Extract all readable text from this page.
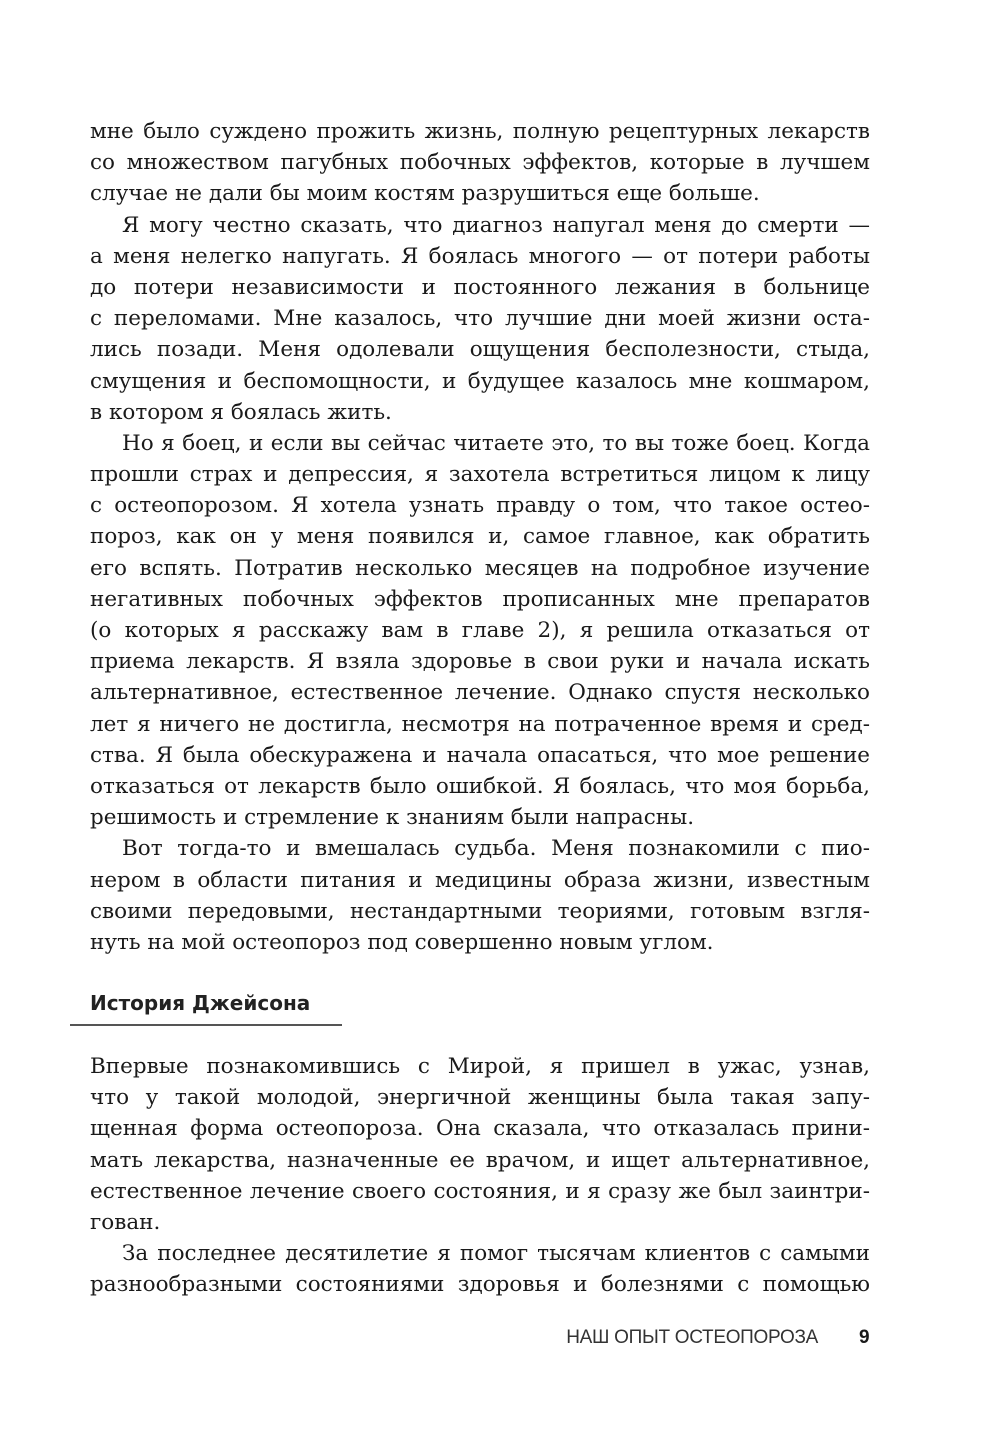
мне было суждено прожить жизнь, полную рецептурных лекарств
со множеством пагубных побочных эффектов, которые в лучшем
случае не дали бы моим костям разрушиться еще больше.

Я могу честно сказать, что диагноз напугал меня до смерти —
а меня нелегко напугать. Я боялась многого — от потери работы
до потери независимости и постоянного лежания в больнице
с переломами. Мне казалось, что лучшие дни моей жизни оста-
лись позади. Меня одолевали ощущения бесполезности, стыда,
смущения и беспомощности, и будущее казалось мне кошмаром,
в котором я боялась жить.

Но я боец, и если вы сейчас читаете это, то вы тоже боец. Когда
прошли страх и депрессия, я захотела встретиться лицом к лицу
с остеопорозом. Я хотела узнать правду о том, что такое остео-
пороз, как он у меня появился и, самое главное, как обратить
его вспять. Потратив несколько месяцев на подробное изучение
негативных побочных эффектов прописанных мне препаратов
(о которых я расскажу вам в главе 2), я решила отказаться от
приема лекарств. Я взяла здоровье в свои руки и начала искать
альтернативное, естественное лечение. Однако спустя несколько
лет я ничего не достигла, несмотря на потраченное время и сред-
ства. Я была обескуражена и начала опасаться, что мое решение
отказаться от лекарств было ошибкой. Я боялась, что моя борьба,
решимость и стремление к знаниям были напрасны.

Вот тогда-то и вмешалась судьба. Меня познакомили с пио-
нером в области питания и медицины образа жизни, известным
своими передовыми, нестандартными теориями, готовым взгля-
нуть на мой остеопороз под совершенно новым углом.

История Джейсона

Впервые познакомившись с Мирой, я пришел в ужас, узнав,
что у такой молодой, энергичной женщины была такая запу-
щенная форма остеопороза. Она сказала, что отказалась прини-
мать лекарства, назначенные ее врачом, и ищет альтернативное,
естественное лечение своего состояния, и я сразу же был заинтри-
гован.

За последнее десятилетие я помог тысячам клиентов с самыми
разнообразными состояниями здоровья и болезнями с помощью

НАШ ОПЫТ ОСТЕОПОРОЗА 9
